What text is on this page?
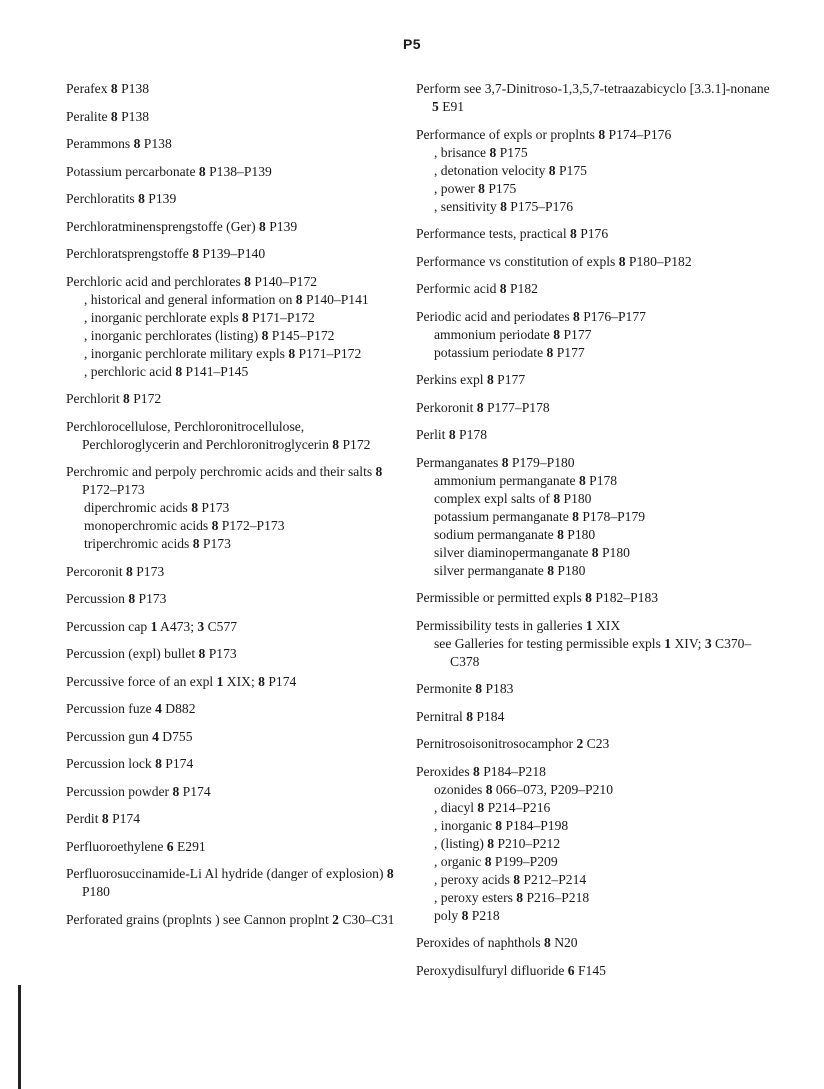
P5
Perafex 8 P138
Peralite 8 P138
Perammons 8 P138
Potassium percarbonate 8 P138–P139
Perchloratits 8 P139
Perchloratminensprengstoffe (Ger) 8 P139
Perchloratsprengstoffe 8 P139–P140
Perchloric acid and perchlorates 8 P140–P172
, historical and general information on 8 P140–P141
, inorganic perchlorate expls 8 P171–P172
, inorganic perchlorates (listing) 8 P145–P172
, inorganic perchlorate military expls 8 P171–P172
, perchloric acid 8 P141–P145
Perchlorit 8 P172
Perchlorocellulose, Perchloronitrocellulose, Perchloroglycerin and Perchloronitroglycerin 8 P172
Perchromic and perpoly perchromic acids and their salts 8 P172–P173
diperchromic acids 8 P173
monoperchromic acids 8 P172–P173
triperchromic acids 8 P173
Percoronit 8 P173
Percussion 8 P173
Percussion cap 1 A473; 3 C577
Percussion (expl) bullet 8 P173
Percussive force of an expl 1 XIX; 8 P174
Percussion fuze 4 D882
Percussion gun 4 D755
Percussion lock 8 P174
Percussion powder 8 P174
Perdit 8 P174
Perfluoroethylene 6 E291
Perfluorosuccinamide-Li Al hydride (danger of explosion) 8 P180
Perforated grains (proplnts ) see Cannon proplnt 2 C30–C31
Perform see 3,7-Dinitroso-1,3,5,7-tetraazabicyclo [3.3.1]-nonane 5 E91
Performance of expls or proplnts 8 P174–P176
, brisance 8 P175
, detonation velocity 8 P175
, power 8 P175
, sensitivity 8 P175–P176
Performance tests, practical 8 P176
Performance vs constitution of expls 8 P180–P182
Performic acid 8 P182
Periodic acid and periodates 8 P176–P177
ammonium periodate 8 P177
potassium periodate 8 P177
Perkins expl 8 P177
Perkoronit 8 P177–P178
Perlit 8 P178
Permanganates 8 P179–P180
ammonium permanganate 8 P178
complex expl salts of 8 P180
potassium permanganate 8 P178–P179
sodium permanganate 8 P180
silver diaminopermanganate 8 P180
silver permanganate 8 P180
Permissible or permitted expls 8 P182–P183
Permissibility tests in galleries 1 XIX
see Galleries for testing permissible expls 1 XIV; 3 C370–C378
Permonite 8 P183
Pernitral 8 P184
Pernitrosoisonitrosocamphor 2 C23
Peroxides 8 P184–P218
ozonides 8 066–073, P209–P210
, diacyl 8 P214–P216
, inorganic 8 P184–P198
, (listing) 8 P210–P212
, organic 8 P199–P209
, peroxy acids 8 P212–P214
, peroxy esters 8 P216–P218
poly 8 P218
Peroxides of naphthols 8 N20
Peroxydisulfuryl difluoride 6 F145
